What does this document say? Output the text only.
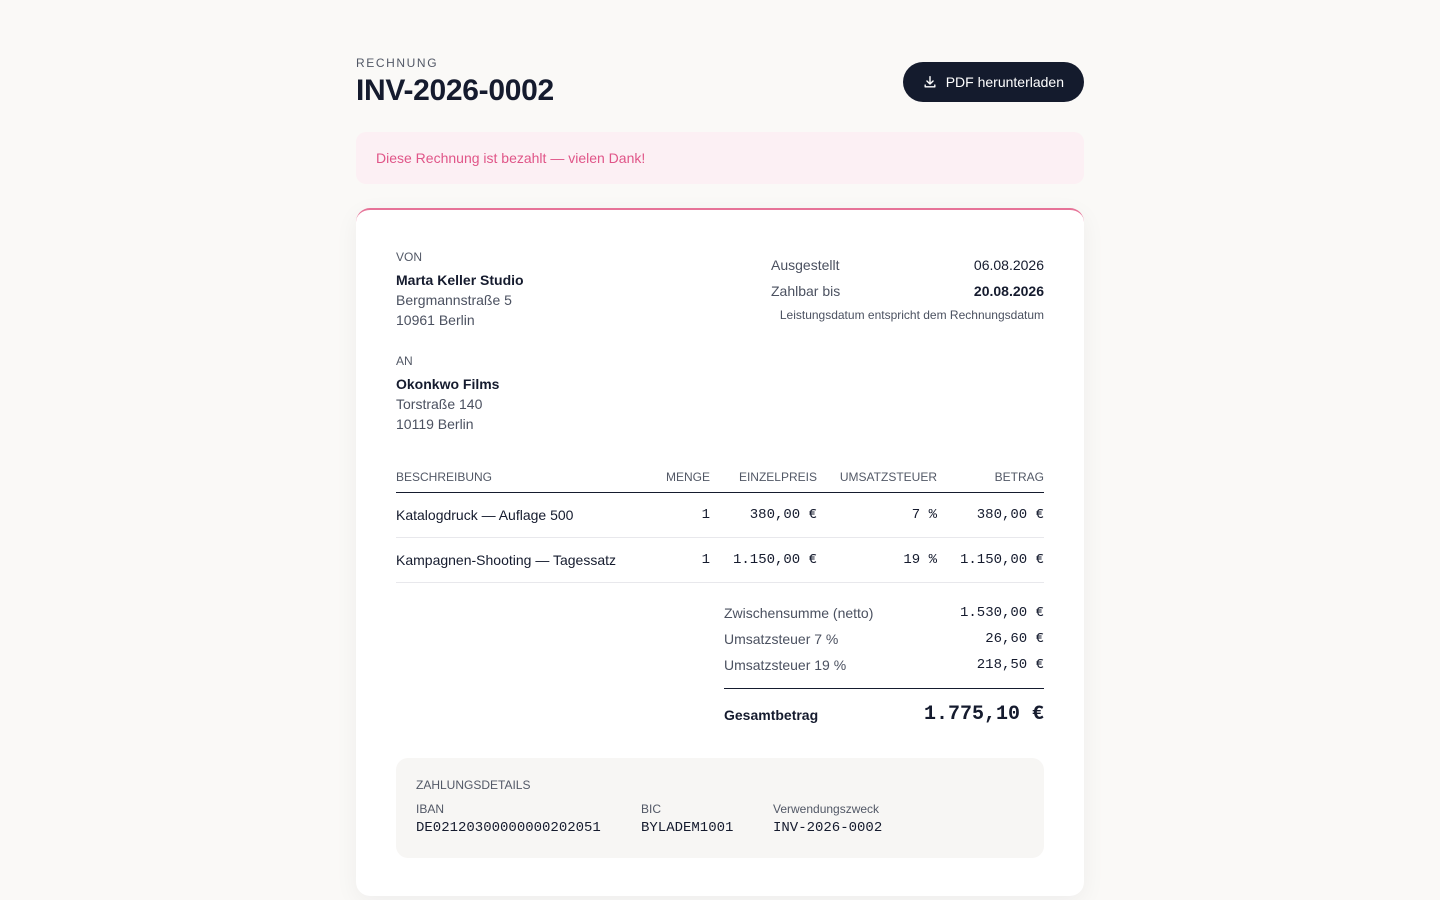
RECHNUNG
INV-2026-0002	PDF herunterladen
Diese Rechnung ist bezahlt — vielen Dank!
VON
Marta Keller Studio
Bergmannstraße 5
10961 Berlin
AN
Okonkwo Films
Torstraße 140
10119 Berlin
Ausgestellt	06.08.2026
Zahlbar bis	20.08.2026
Leistungsdatum entspricht dem Rechnungsdatum
BESCHREIBUNG	MENGE	EINZELPREIS	UMSATZSTEUER	BETRAG
Katalogdruck — Auflage 500	1	380,00 €	7 %	380,00 €
Kampagnen-Shooting — Tagessatz	1	1.150,00 €	19 %	1.150,00 €
Zwischensumme (netto)	1.530,00 €
Umsatzsteuer 7 %	26,60 €
Umsatzsteuer 19 %	218,50 €
Gesamtbetrag	1.775,10 €
ZAHLUNGSDETAILS
IBAN
DE02120300000000202051
BIC
BYLADEM1001
Verwendungszweck
INV-2026-0002
